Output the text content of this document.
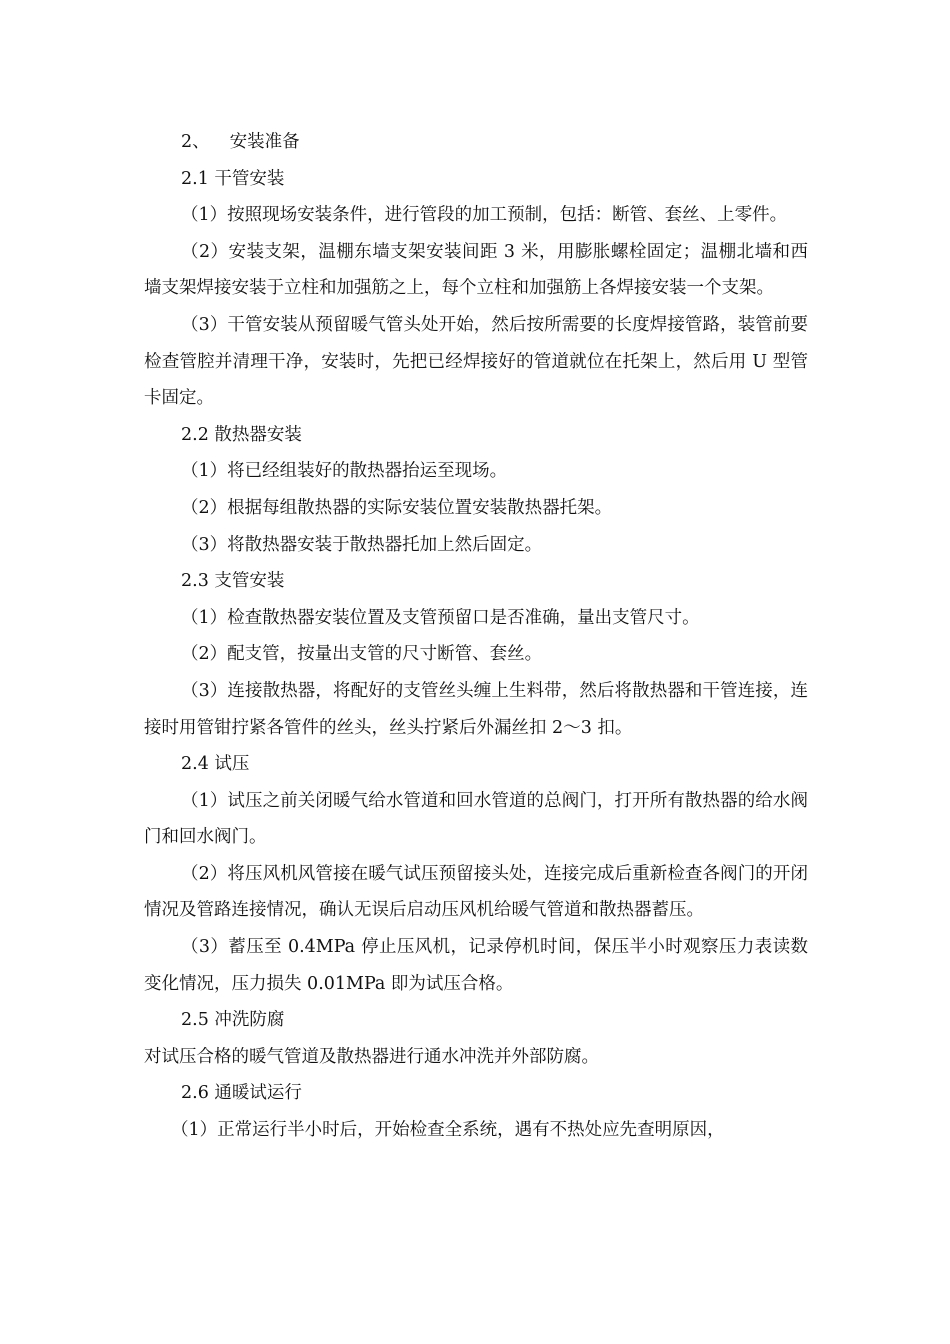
2、 安装准备

2.1 干管安装

（1）按照现场安装条件，进行管段的加工预制，包括：断管、套丝、上零件。

（2）安装支架，温棚东墙支架安装间距 3 米，用膨胀螺栓固定；温棚北墙和西墙支架焊接安装于立柱和加强筋之上，每个立柱和加强筋上各焊接安装一个支架。

（3）干管安装从预留暖气管头处开始，然后按所需要的长度焊接管路，装管前要检查管腔并清理干净，安装时，先把已经焊接好的管道就位在托架上，然后用 U 型管卡固定。

2.2 散热器安装

（1）将已经组装好的散热器抬运至现场。

（2）根据每组散热器的实际安装位置安装散热器托架。

（3）将散热器安装于散热器托加上然后固定。

2.3 支管安装

（1）检查散热器安装位置及支管预留口是否准确，量出支管尺寸。

（2）配支管，按量出支管的尺寸断管、套丝。

（3）连接散热器，将配好的支管丝头缠上生料带，然后将散热器和干管连接，连接时用管钳拧紧各管件的丝头，丝头拧紧后外漏丝扣 2～3 扣。

2.4 试压

（1）试压之前关闭暖气给水管道和回水管道的总阀门，打开所有散热器的给水阀门和回水阀门。

（2）将压风机风管接在暖气试压预留接头处，连接完成后重新检查各阀门的开闭情况及管路连接情况，确认无误后启动压风机给暖气管道和散热器蓄压。

（3）蓄压至 0.4MPa 停止压风机，记录停机时间，保压半小时观察压力表读数变化情况，压力损失 0.01MPa 即为试压合格。

2.5 冲洗防腐

对试压合格的暖气管道及散热器进行通水冲洗并外部防腐。

2.6 通暖试运行

（1）正常运行半小时后，开始检查全系统，遇有不热处应先查明原因，
